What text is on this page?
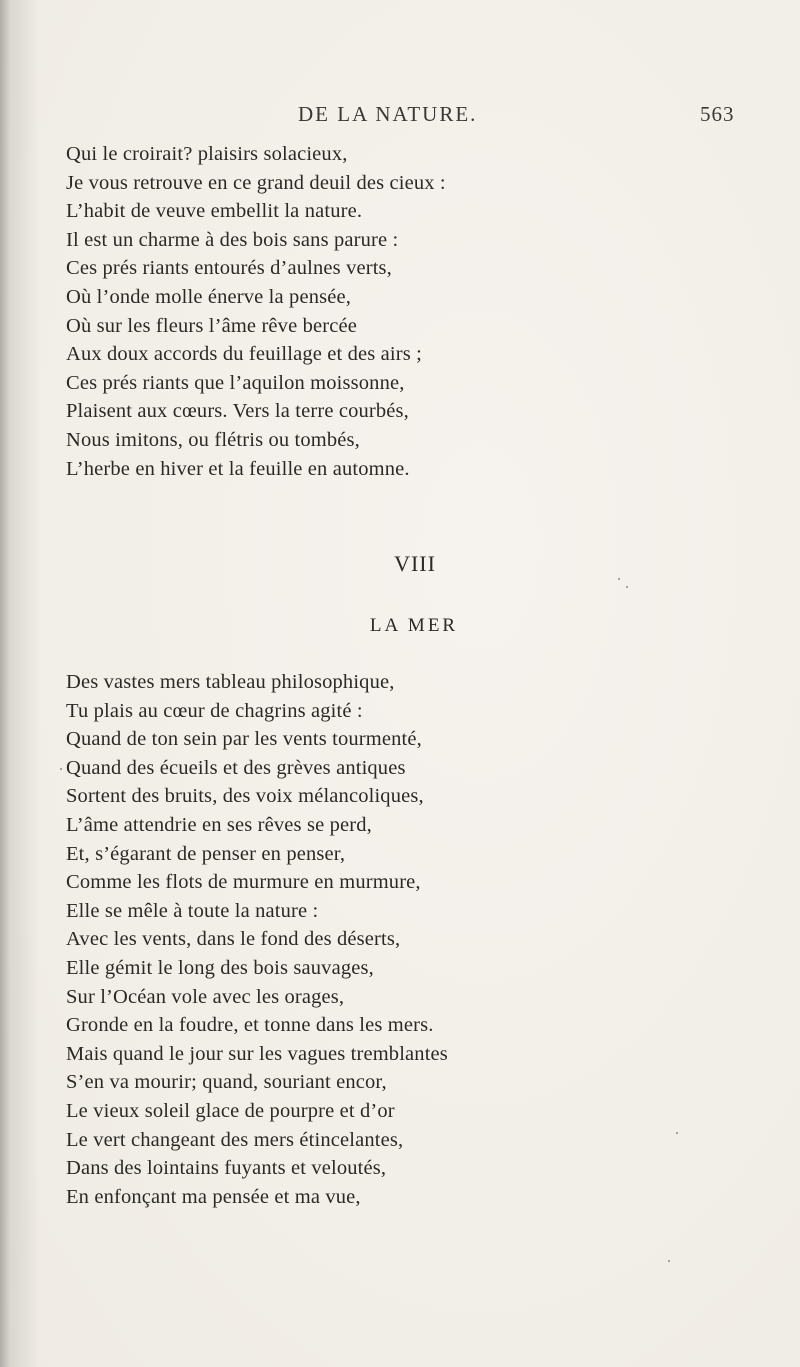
DE LA NATURE.	563
Qui le croirait? plaisirs solacieux,
Je vous retrouve en ce grand deuil des cieux :
L’habit de veuve embellit la nature.
Il est un charme à des bois sans parure :
Ces prés riants entourés d’aulnes verts,
Où l’onde molle énerve la pensée,
Où sur les fleurs l’âme rêve bercée
Aux doux accords du feuillage et des airs ;
Ces prés riants que l’aquilon moissonne,
Plaisent aux cœurs. Vers la terre courbés,
Nous imitons, ou flétris ou tombés,
L’herbe en hiver et la feuille en automne.
VIII
LA MER
Des vastes mers tableau philosophique,
Tu plais au cœur de chagrins agité :
Quand de ton sein par les vents tourmenté,
Quand des écueils et des grèves antiques
Sortent des bruits, des voix mélancoliques,
L’âme attendrie en ses rêves se perd,
Et, s’égarant de penser en penser,
Comme les flots de murmure en murmure,
Elle se mêle à toute la nature :
Avec les vents, dans le fond des déserts,
Elle gémit le long des bois sauvages,
Sur l’Océan vole avec les orages,
Gronde en la foudre, et tonne dans les mers.
Mais quand le jour sur les vagues tremblantes
S’en va mourir; quand, souriant encor,
Le vieux soleil glace de pourpre et d’or
Le vert changeant des mers étincelantes,
Dans des lointains fuyants et veloutés,
En enfonçant ma pensée et ma vue,
